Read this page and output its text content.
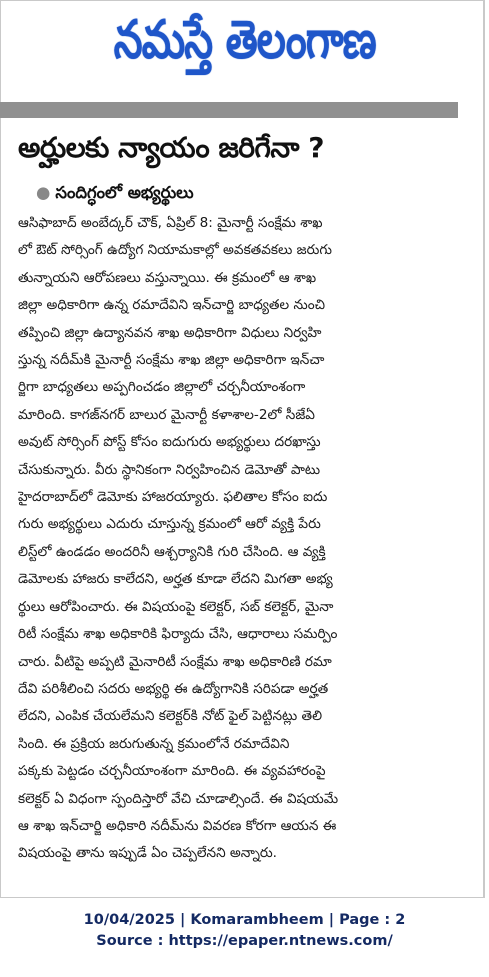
నమస్తే తెలంగాణ
అర్హులకు న్యాయం జరిగేనా ?
● సందిగ్ధంలో అభ్యర్థులు
ఆసిఫాబాద్ అంబేద్కర్ చౌక్, ఏప్రిల్ 8: మైనార్టీ సంక్షేమ శాఖ
లో ఔట్ సోర్సింగ్ ఉద్యోగ నియామకాల్లో అవకతవకలు జరుగు
తున్నాయని ఆరోపణలు వస్తున్నాయి. ఈ క్రమంలో ఆ శాఖ
జిల్లా అధికారిగా ఉన్న రమాదేవిని ఇన్‌చార్జి బాధ్యతల నుంచి
తప్పించి జిల్లా ఉద్యానవన శాఖ అధికారిగా విధులు నిర్వహి
స్తున్న నదీమ్‌కి మైనార్టీ సంక్షేమ శాఖ జిల్లా అధికారిగా ఇన్‌చా
ర్జిగా బాధ్యతలు అప్పగించడం జిల్లాలో చర్చనీయాంశంగా
మారింది. కాగజ్‌నగర్ బాలుర మైనార్టీ కళాశాల-2లో సీజేఏ
అవుట్ సోర్సింగ్ పోస్ట్ కోసం ఐదుగురు అభ్యర్థులు దరఖాస్తు
చేసుకున్నారు. వీరు స్థానికంగా నిర్వహించిన డెమోతో పాటు
హైదరాబాద్‌లో డెమోకు హాజరయ్యారు. ఫలితాల కోసం ఐదు
గురు అభ్యర్థులు ఎదురు చూస్తున్న క్రమంలో ఆరో వ్యక్తి పేరు
లిస్ట్‌లో ఉండడం అందరినీ ఆశ్చర్యానికి గురి చేసింది. ఆ వ్యక్తి
డెమోలకు హాజరు కాలేదని, అర్హత కూడా లేదని మిగతా అభ్య
ర్థులు ఆరోపించారు. ఈ విషయంపై కలెక్టర్, సబ్ కలెక్టర్, మైనా
రిటీ సంక్షేమ శాఖ అధికారికి ఫిర్యాదు చేసి, ఆధారాలు సమర్పిం
చారు. వీటిపై అప్పటి మైనారిటీ సంక్షేమ శాఖ అధికారిణి రమా
దేవి పరిశీలించి సదరు అభ్యర్థి ఈ ఉద్యోగానికి సరిపడా అర్హత
లేదని, ఎంపిక చేయలేమని కలెక్టర్‌కి నోట్ ఫైల్ పెట్టినట్లు తెలి
సింది. ఈ ప్రక్రియ జరుగుతున్న క్రమంలోనే రమాదేవిని
పక్కకు పెట్టడం చర్చనీయాంశంగా మారింది. ఈ వ్యవహారంపై
కలెక్టర్ ఏ విధంగా స్పందిస్తారో వేచి చూడాల్సిందే. ఈ విషయమే
ఆ శాఖ ఇన్‌చార్జి అధికారి నదీమ్‌ను వివరణ కోరగా ఆయన ఈ
విషయంపై తాను ఇప్పుడే ఏం చెప్పలేనని అన్నారు.
10/04/2025 | Komarambheem | Page : 2
Source : https://epaper.ntnews.com/
